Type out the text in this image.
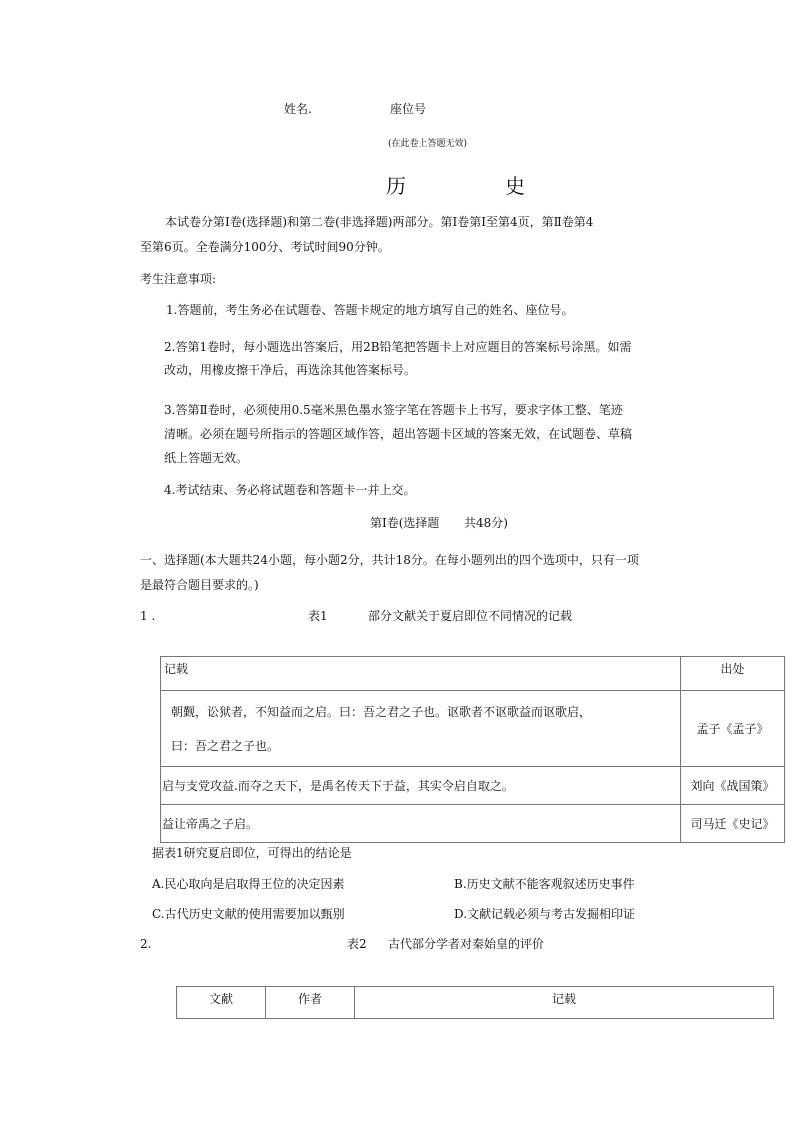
姓名.	座位号
(在此卷上答题无效)
历	史
本试卷分第Ⅰ卷(选择题)和第二卷(非选择题)两部分。第Ⅰ卷第Ⅰ至第4页，第Ⅱ卷第4
至第6页。全卷满分100分、考试时间90分钟。
考生注意事项:
1.答题前，考生务必在试题卷、答题卡规定的地方填写自己的姓名、座位号。
2.答第1卷时，每小题选出答案后，用2B铅笔把答题卡上对应题目的答案标号涂黑。如需
改动，用橡皮擦干净后，再选涂其他答案标号。
3.答第Ⅱ卷时，必须使用0.5毫米黑色墨水签字笔在答题卡上书写，要求字体工整、笔迹
清晰。必须在题号所指示的答题区域作答，超出答题卡区域的答案无效，在试题卷、草稿
纸上答题无效。
4.考试结束、务必将试题卷和答题卡一并上交。
第Ⅰ卷(选择题 共48分)
一、选择题(本大题共24小题，每小题2分，共计18分。在每小题列出的四个选项中，只有一项
是最符合题目要求的。)
1 .	表1	部分文献关于夏启即位不同情况的记载
记载	出处

朝觐，讼狱者，不知益而之启。曰：吾之君之子也。讴歌者不讴歌益而讴歌启，
曰：吾之君之子也。	孟子《孟子》
启与支党攻益.而夺之天下，是禹名传天下于益，其实令启自取之。	刘向《战国策》
益让帝禹之子启。	司马迁《史记》
据表1研究夏启即位，可得出的结论是
A.民心取向是启取得王位的决定因素	B.历史文献不能客观叙述历史事件
C.古代历史文献的使用需要加以甄别	D.文献记载必须与考古发掘相印证
2.	表2 古代部分学者对秦始皇的评价
文献	作者	记载
